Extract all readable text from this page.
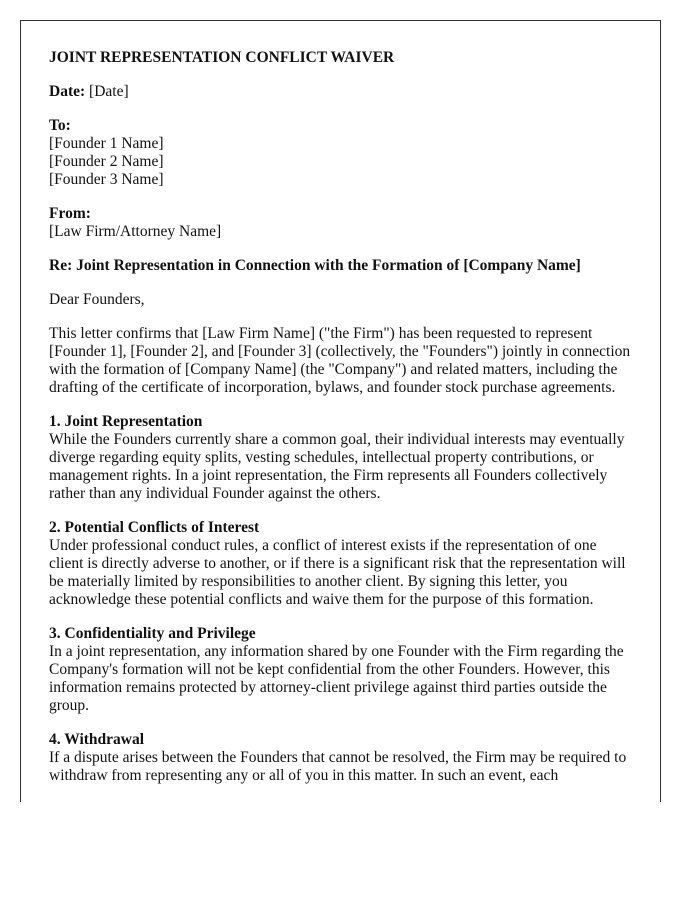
JOINT REPRESENTATION CONFLICT WAIVER

Date: [Date]

To:
[Founder 1 Name]
[Founder 2 Name]
[Founder 3 Name]

From:
[Law Firm/Attorney Name]

Re: Joint Representation in Connection with the Formation of [Company Name]

Dear Founders,

This letter confirms that [Law Firm Name] ("the Firm") has been requested to represent [Founder 1], [Founder 2], and [Founder 3] (collectively, the "Founders") jointly in connection with the formation of [Company Name] (the "Company") and related matters, including the drafting of the certificate of incorporation, bylaws, and founder stock purchase agreements.

1. Joint Representation
While the Founders currently share a common goal, their individual interests may eventually diverge regarding equity splits, vesting schedules, intellectual property contributions, or management rights. In a joint representation, the Firm represents all Founders collectively rather than any individual Founder against the others.

2. Potential Conflicts of Interest
Under professional conduct rules, a conflict of interest exists if the representation of one client is directly adverse to another, or if there is a significant risk that the representation will be materially limited by responsibilities to another client. By signing this letter, you acknowledge these potential conflicts and waive them for the purpose of this formation.

3. Confidentiality and Privilege
In a joint representation, any information shared by one Founder with the Firm regarding the Company's formation will not be kept confidential from the other Founders. However, this information remains protected by attorney-client privilege against third parties outside the group.

4. Withdrawal
If a dispute arises between the Founders that cannot be resolved, the Firm may be required to withdraw from representing any or all of you in this matter. In such an event, each
